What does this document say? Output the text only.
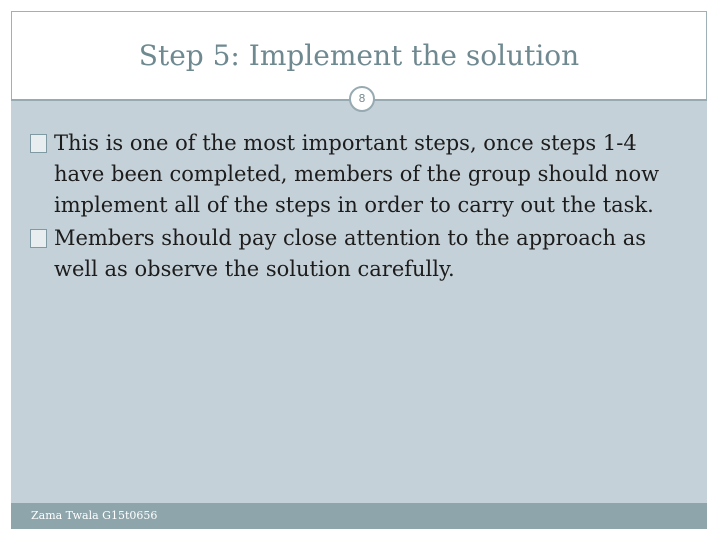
Step 5: Implement the solution
8
This is one of the most important steps, once steps 1-4 have been completed, members of the group should now implement all of the steps in order to carry out the task.
Members should pay close attention to the approach as well as observe the solution carefully.
Zama Twala G15t0656
